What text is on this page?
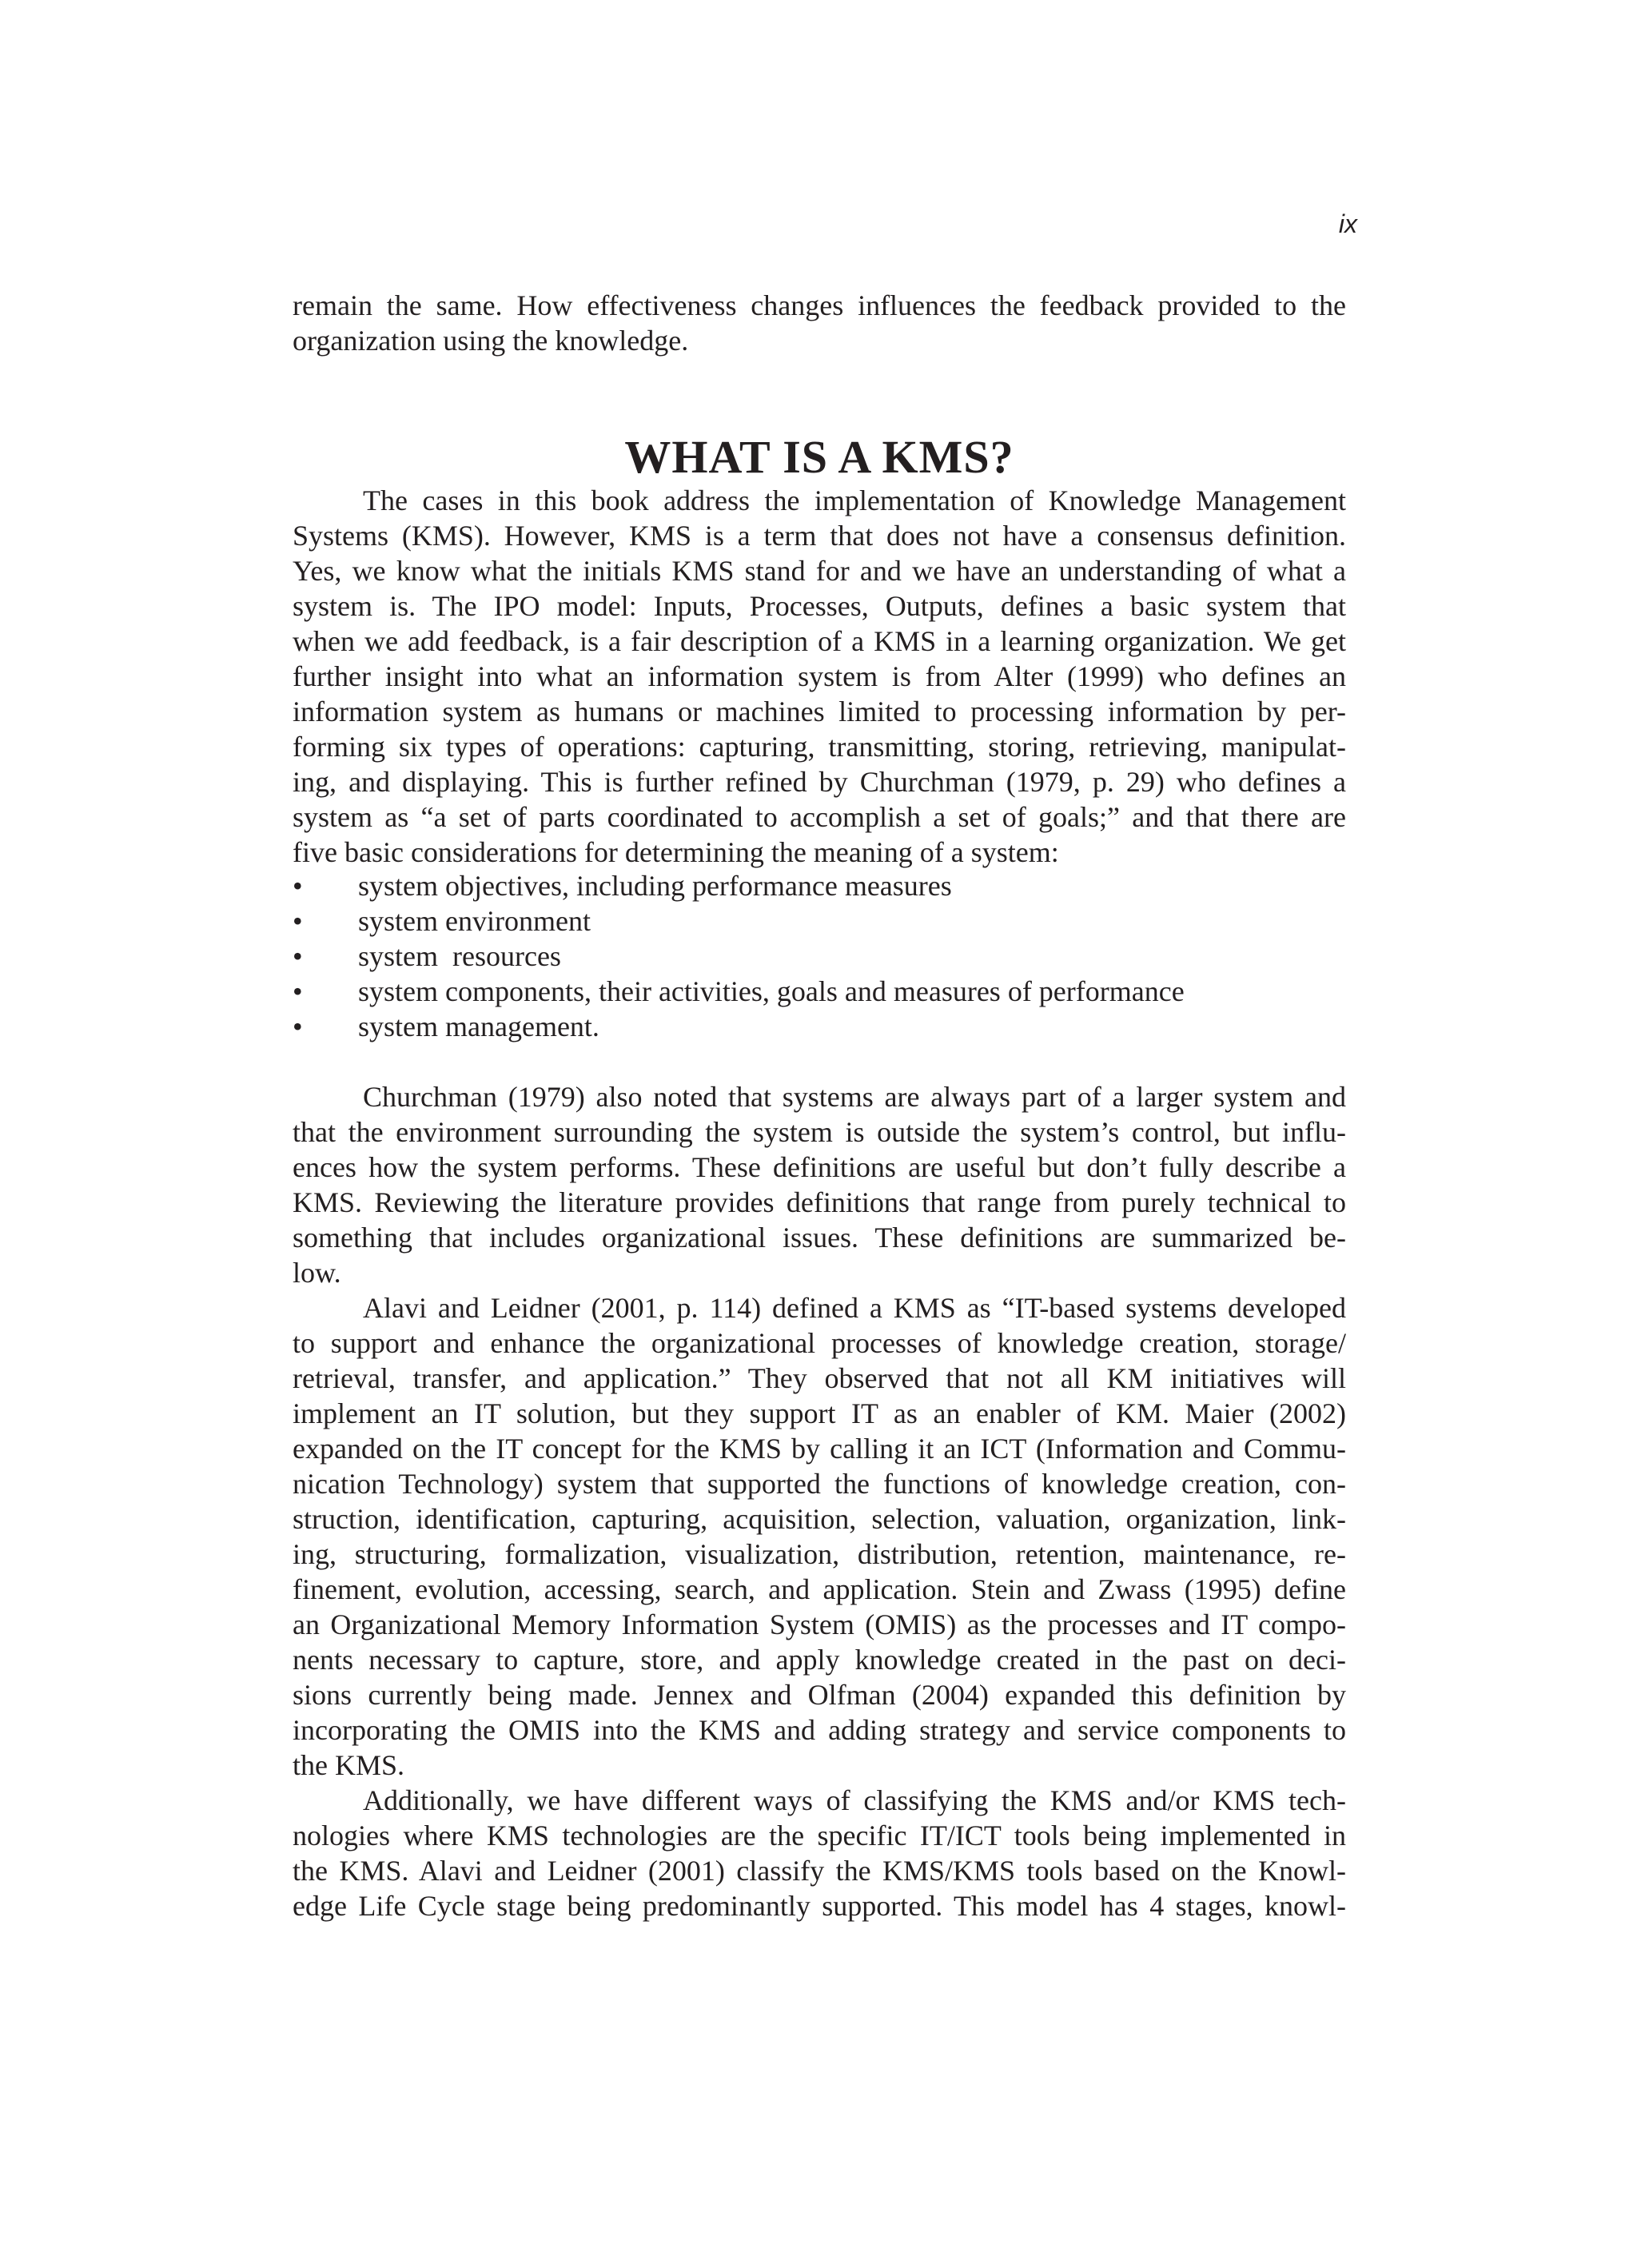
ix
remain the same. How effectiveness changes influences the feedback provided to the
organization using the knowledge.
WHAT IS A KMS?
The cases in this book address the implementation of Knowledge Management
Systems (KMS). However, KMS is a term that does not have a consensus definition.
Yes, we know what the initials KMS stand for and we have an understanding of what a
system is. The IPO model: Inputs, Processes, Outputs, defines a basic system that
when we add feedback, is a fair description of a KMS in a learning organization. We get
further insight into what an information system is from Alter (1999) who defines an
information system as humans or machines limited to processing information by per-
forming six types of operations: capturing, transmitting, storing, retrieving, manipulat-
ing, and displaying. This is further refined by Churchman (1979, p. 29) who defines a
system as “a set of parts coordinated to accomplish a set of goals;” and that there are
five basic considerations for determining the meaning of a system:
• system objectives, including performance measures
• system environment
• system  resources
• system components, their activities, goals and measures of performance
• system management.
Churchman (1979) also noted that systems are always part of a larger system and
that the environment surrounding the system is outside the system’s control, but influ-
ences how the system performs. These definitions are useful but don’t fully describe a
KMS. Reviewing the literature provides definitions that range from purely technical to
something that includes organizational issues. These definitions are summarized be-
low.
Alavi and Leidner (2001, p. 114) defined a KMS as “IT-based systems developed
to support and enhance the organizational processes of knowledge creation, storage/
retrieval, transfer, and application.” They observed that not all KM initiatives will
implement an IT solution, but they support IT as an enabler of KM. Maier (2002)
expanded on the IT concept for the KMS by calling it an ICT (Information and Commu-
nication Technology) system that supported the functions of knowledge creation, con-
struction, identification, capturing, acquisition, selection, valuation, organization, link-
ing, structuring, formalization, visualization, distribution, retention, maintenance, re-
finement, evolution, accessing, search, and application. Stein and Zwass (1995) define
an Organizational Memory Information System (OMIS) as the processes and IT compo-
nents necessary to capture, store, and apply knowledge created in the past on deci-
sions currently being made. Jennex and Olfman (2004) expanded this definition by
incorporating the OMIS into the KMS and adding strategy and service components to
the KMS.
Additionally, we have different ways of classifying the KMS and/or KMS tech-
nologies where KMS technologies are the specific IT/ICT tools being implemented in
the KMS. Alavi and Leidner (2001) classify the KMS/KMS tools based on the Knowl-
edge Life Cycle stage being predominantly supported. This model has 4 stages, knowl-
